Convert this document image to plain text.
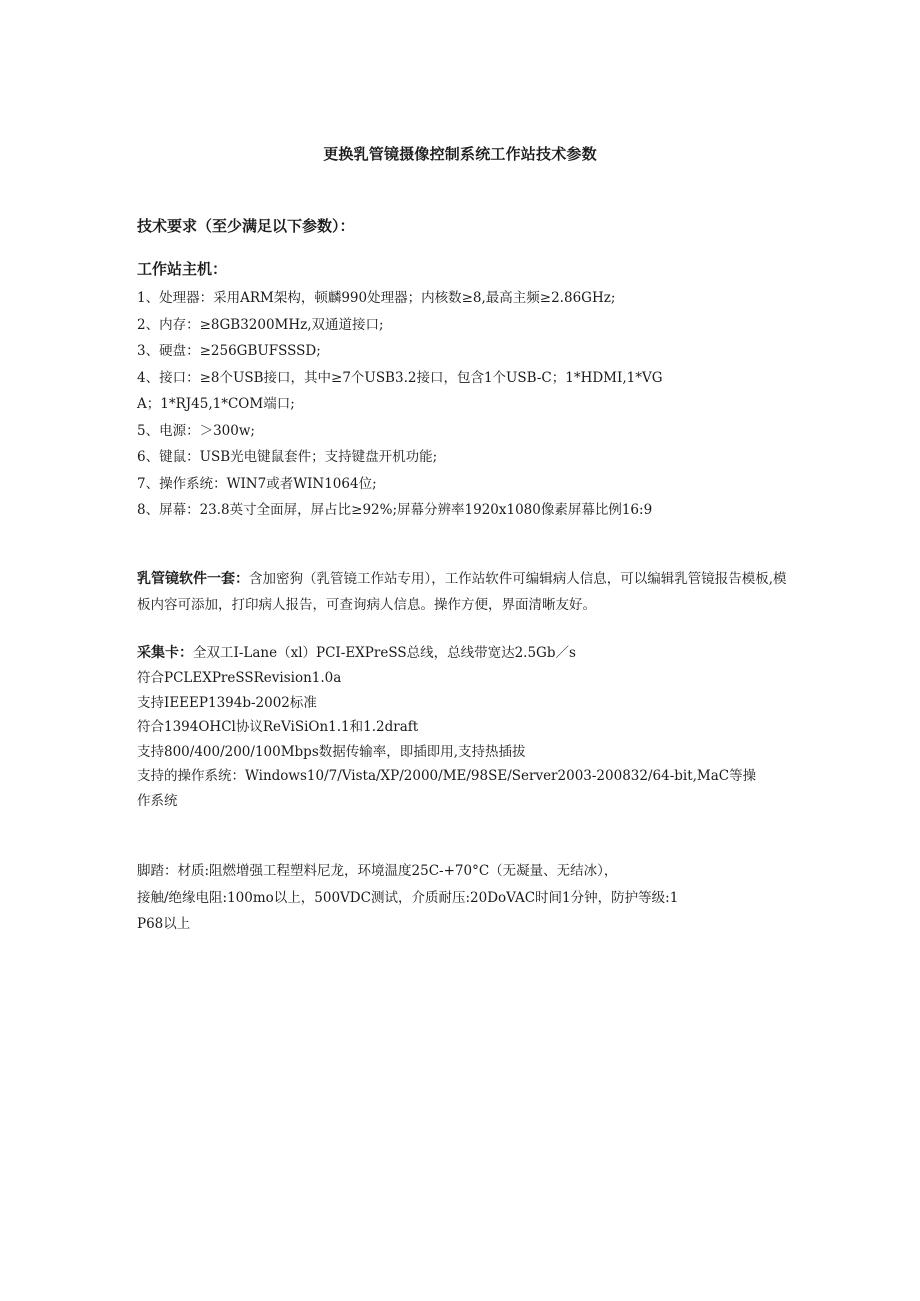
更换乳管镜摄像控制系统工作站技术参数
技术要求（至少满足以下参数）：
工作站主机：
1、处理器：采用ARM架构，顿麟990处理器；内核数≥8,最高主频≥2.86GHz;
2、内存：≥8GB3200MHz,双通道接口;
3、硬盘：≥256GBUFSSSD;
4、接口：≥8个USB接口，其中≥7个USB3.2接口，包含1个USB-C；1*HDMI,1*VG
A；1*RJ45,1*COM端口;
5、电源：＞300w;
6、键鼠：USB光电键鼠套件；支持键盘开机功能;
7、操作系统：WIN7或者WIN1064位;
8、屏幕：23.8英寸全面屏，屏占比≥92%;屏幕分辨率1920x1080像素屏幕比例16:9
乳管镜软件一套：含加密狗（乳管镜工作站专用），工作站软件可编辑病人信息，可以编辑乳管镜报告模板,模板内容可添加，打印病人报告，可查询病人信息。操作方便，界面清晰友好。
采集卡：全双工I-Lane（xl）PCI-EXPreSS总线，总线带宽达2.5Gb／s
符合PCLEXPreSSRevision1.0a
支持IEEEP1394b-2002标准
符合1394OHCl协议ReViSiOn1.1和1.2draft
支持800/400/200/100Mbps数据传输率，即插即用,支持热插拔
支持的操作系统：Windows10/7/Vista/XP/2000/ME/98SE/Server2003-200832/64-bit,MaC等操
作系统
脚踏：材质:阻燃增强工程塑料尼龙，环境温度25C-+70°C（无凝量、无结冰），
接触/绝缘电阻:100mo以上，500VDC测试，介质耐压:20DoVAC时间1分钟，防护等级:1
P68以上
